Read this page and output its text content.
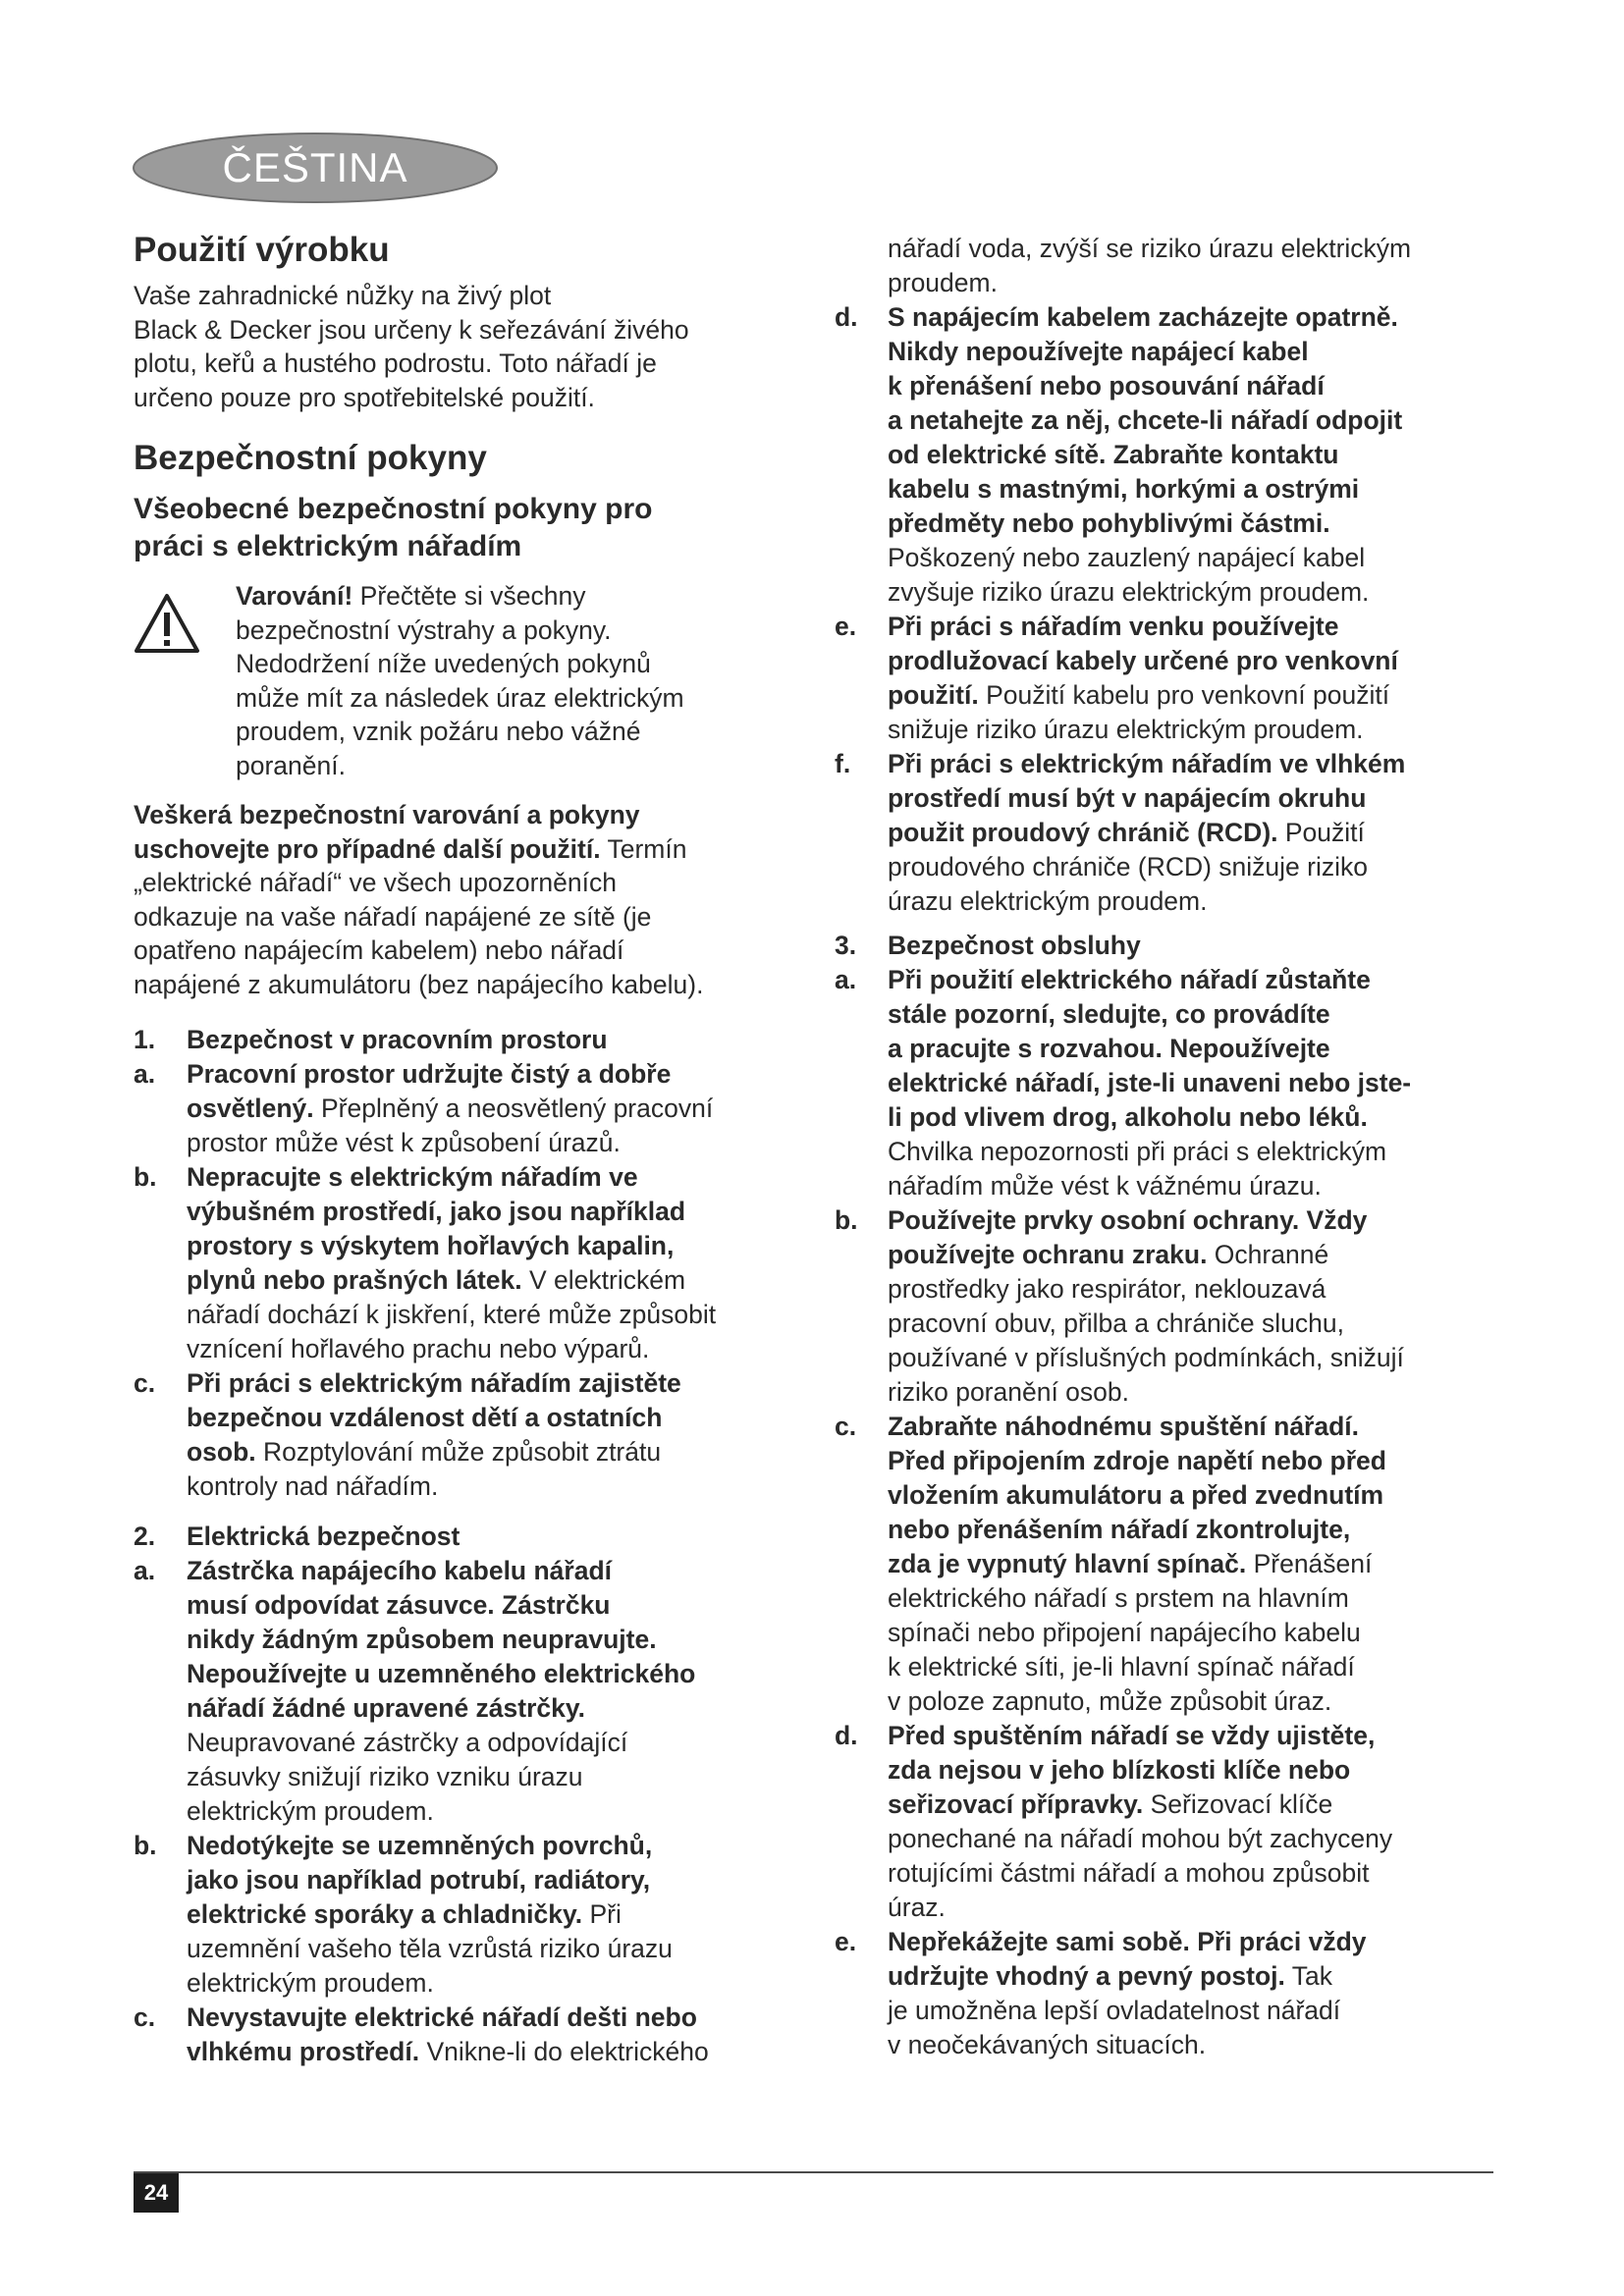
ČEŠTINA
Použití výrobku
Vaše zahradnické nůžky na živý plot
Black & Decker jsou určeny k seřezávání živého
plotu, keřů a hustého podrostu. Toto nářadí je
určeno pouze pro spotřebitelské použití.
Bezpečnostní pokyny
Všeobecné bezpečnostní pokyny pro
práci s elektrickým nářadím
Varování! Přečtěte si všechny
bezpečnostní výstrahy a pokyny.
Nedodržení níže uvedených pokynů
může mít za následek úraz elektrickým
proudem, vznik požáru nebo vážné
poranění.
Veškerá bezpečnostní varování a pokyny
uschovejte pro případné další použití. Termín
„elektrické nářadí“ ve všech upozorněních
odkazuje na vaše nářadí napájené ze sítě (je
opatřeno napájecím kabelem) nebo nářadí
napájené z akumulátoru (bez napájecího kabelu).
1. Bezpečnost v pracovním prostoru
a. Pracovní prostor udržujte čistý a dobře
osvětlený. Přeplněný a neosvětlený pracovní
prostor může vést k způsobení úrazů.
b. Nepracujte s elektrickým nářadím ve
výbušném prostředí, jako jsou například
prostory s výskytem hořlavých kapalin,
plynů nebo prašných látek. V elektrickém
nářadí dochází k jiskření, které může způsobit
vznícení hořlavého prachu nebo výparů.
c. Při práci s elektrickým nářadím zajistěte
bezpečnou vzdálenost dětí a ostatních
osob. Rozptylování může způsobit ztrátu
kontroly nad nářadím.
2. Elektrická bezpečnost
a. Zástrčka napájecího kabelu nářadí
musí odpovídat zásuvce. Zástrčku
nikdy žádným způsobem neupravujte.
Nepoužívejte u uzemněného elektrického
nářadí žádné upravené zástrčky.
Neupravované zástrčky a odpovídající
zásuvky snižují riziko vzniku úrazu
elektrickým proudem.
b. Nedotýkejte se uzemněných povrchů,
jako jsou například potrubí, radiátory,
elektrické sporáky a chladničky. Při
uzemnění vašeho těla vzrůstá riziko úrazu
elektrickým proudem.
c. Nevystavujte elektrické nářadí dešti nebo
vlhkému prostředí. Vnikne-li do elektrického
nářadí voda, zvýší se riziko úrazu elektrickým
proudem.
d. S napájecím kabelem zacházejte opatrně.
Nikdy nepoužívejte napájecí kabel
k přenášení nebo posouvání nářadí
a netahejte za něj, chcete-li nářadí odpojit
od elektrické sítě. Zabraňte kontaktu
kabelu s mastnými, horkými a ostrými
předměty nebo pohyblivými částmi.
Poškozený nebo zauzlený napájecí kabel
zvyšuje riziko úrazu elektrickým proudem.
e. Při práci s nářadím venku používejte
prodlužovací kabely určené pro venkovní
použití. Použití kabelu pro venkovní použití
snižuje riziko úrazu elektrickým proudem.
f. Při práci s elektrickým nářadím ve vlhkém
prostředí musí být v napájecím okruhu
použit proudový chránič (RCD). Použití
proudového chrániče (RCD) snižuje riziko
úrazu elektrickým proudem.
3. Bezpečnost obsluhy
a. Při použití elektrického nářadí zůstaňte
stále pozorní, sledujte, co provádíte
a pracujte s rozvahou. Nepoužívejte
elektrické nářadí, jste-li unaveni nebo jste-
li pod vlivem drog, alkoholu nebo léků.
Chvilka nepozornosti při práci s elektrickým
nářadím může vést k vážnému úrazu.
b. Používejte prvky osobní ochrany. Vždy
používejte ochranu zraku. Ochranné
prostředky jako respirátor, neklouzavá
pracovní obuv, přilba a chrániče sluchu,
používané v příslušných podmínkách, snižují
riziko poranění osob.
c. Zabraňte náhodnému spuštění nářadí.
Před připojením zdroje napětí nebo před
vložením akumulátoru a před zvednutím
nebo přenášením nářadí zkontrolujte,
zda je vypnutý hlavní spínač. Přenášení
elektrického nářadí s prstem na hlavním
spínači nebo připojení napájecího kabelu
k elektrické síti, je-li hlavní spínač nářadí
v poloze zapnuto, může způsobit úraz.
d. Před spuštěním nářadí se vždy ujistěte,
zda nejsou v jeho blízkosti klíče nebo
seřizovací přípravky. Seřizovací klíče
ponechané na nářadí mohou být zachyceny
rotujícími částmi nářadí a mohou způsobit
úraz.
e. Nepřekážejte sami sobě. Při práci vždy
udržujte vhodný a pevný postoj. Tak
je umožněna lepší ovladatelnost nářadí
v neočekávaných situacích.
24
